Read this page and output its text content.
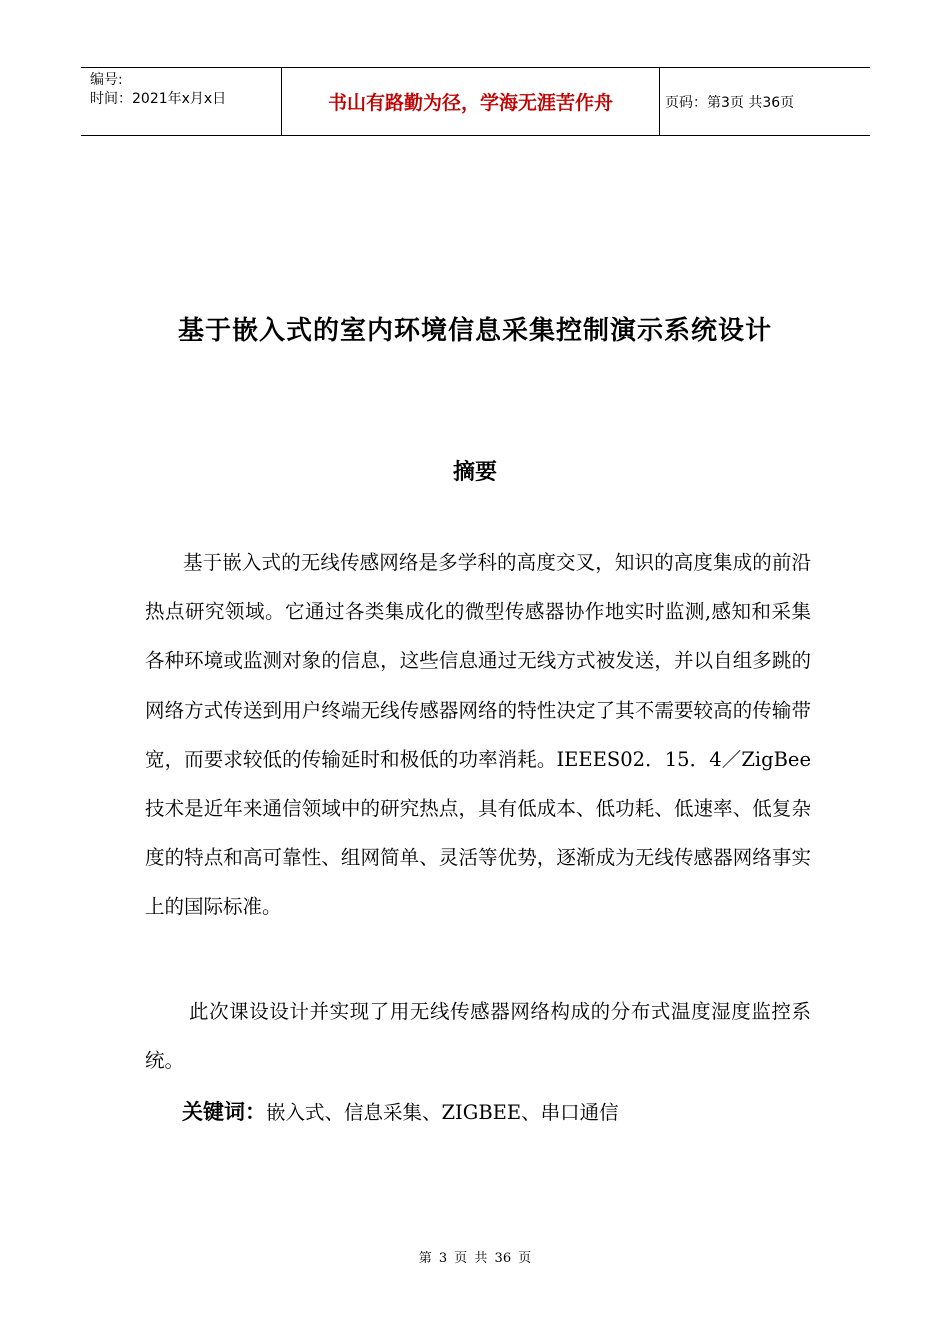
编号:
时间：2021年x月x日	书山有路勤为径，学海无涯苦作舟	页码：第3页 共36页
基于嵌入式的室内环境信息采集控制演示系统设计
摘要
基于嵌入式的无线传感网络是多学科的高度交叉，知识的高度集成的前沿热点研究领域。它通过各类集成化的微型传感器协作地实时监测,感知和采集各种环境或监测对象的信息，这些信息通过无线方式被发送，并以自组多跳的网络方式传送到用户终端无线传感器网络的特性决定了其不需要较高的传输带宽，而要求较低的传输延时和极低的功率消耗。IEEES02．15．4／ZigBee技术是近年来通信领域中的研究热点，具有低成本、低功耗、低速率、低复杂度的特点和高可靠性、组网简单、灵活等优势，逐渐成为无线传感器网络事实上的国际标准。
此次课设设计并实现了用无线传感器网络构成的分布式温度湿度监控系统。
关键词：嵌入式、信息采集、ZIGBEE、串口通信
第 3 页 共 36 页
